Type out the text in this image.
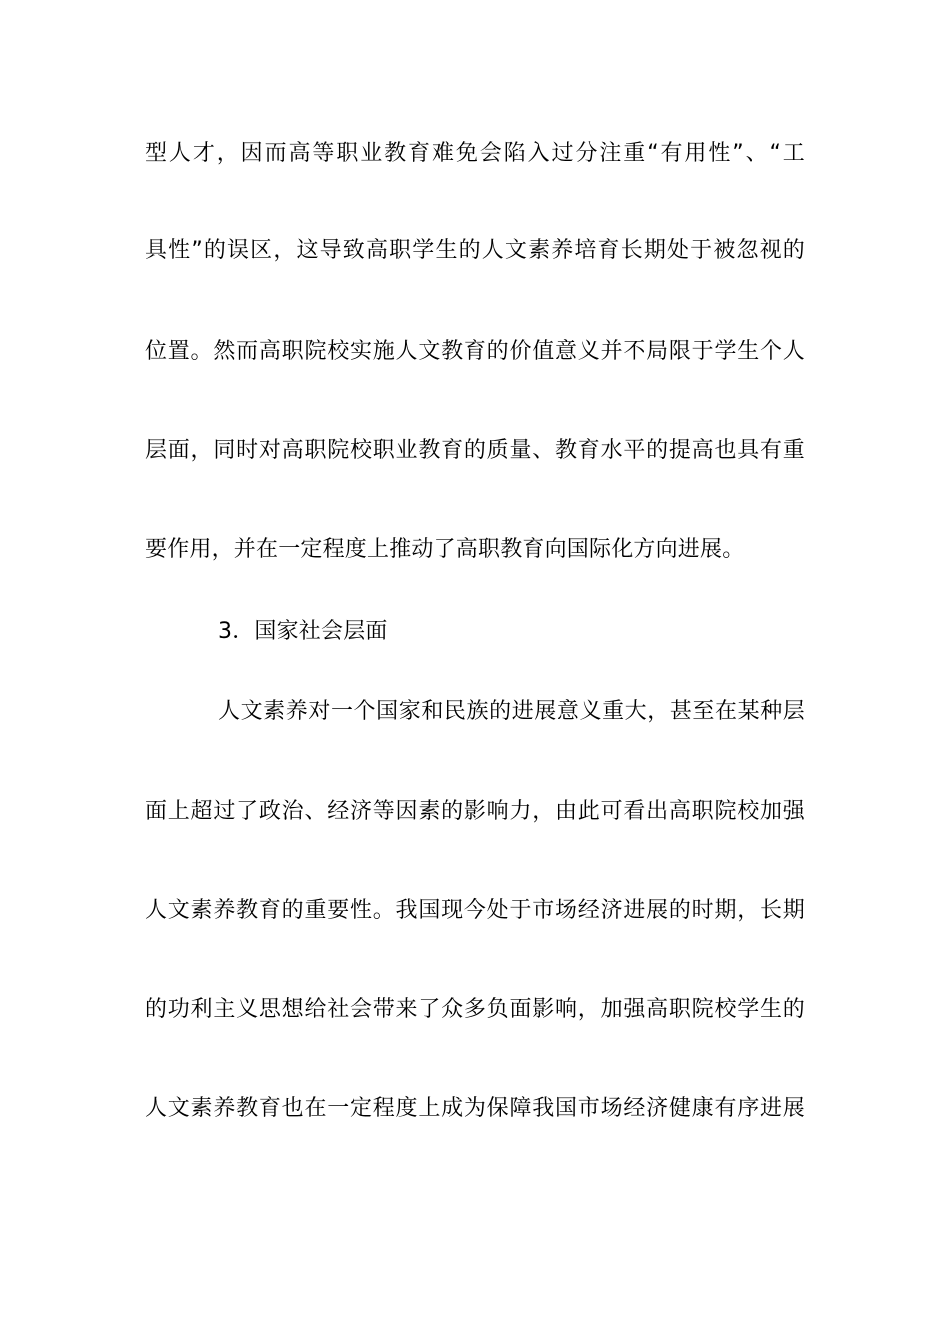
型人才，因而高等职业教育难免会陷入过分注重“有用性”、“工
具性”的误区，这导致高职学生的人文素养培育长期处于被忽视的
位置。然而高职院校实施人文教育的价值意义并不局限于学生个人
层面，同时对高职院校职业教育的质量、教育水平的提高也具有重
要作用，并在一定程度上推动了高职教育向国际化方向进展。
3．国家社会层面
人文素养对一个国家和民族的进展意义重大，甚至在某种层
面上超过了政治、经济等因素的影响力，由此可看出高职院校加强
人文素养教育的重要性。我国现今处于市场经济进展的时期，长期
的功利主义思想给社会带来了众多负面影响，加强高职院校学生的
人文素养教育也在一定程度上成为保障我国市场经济健康有序进展
